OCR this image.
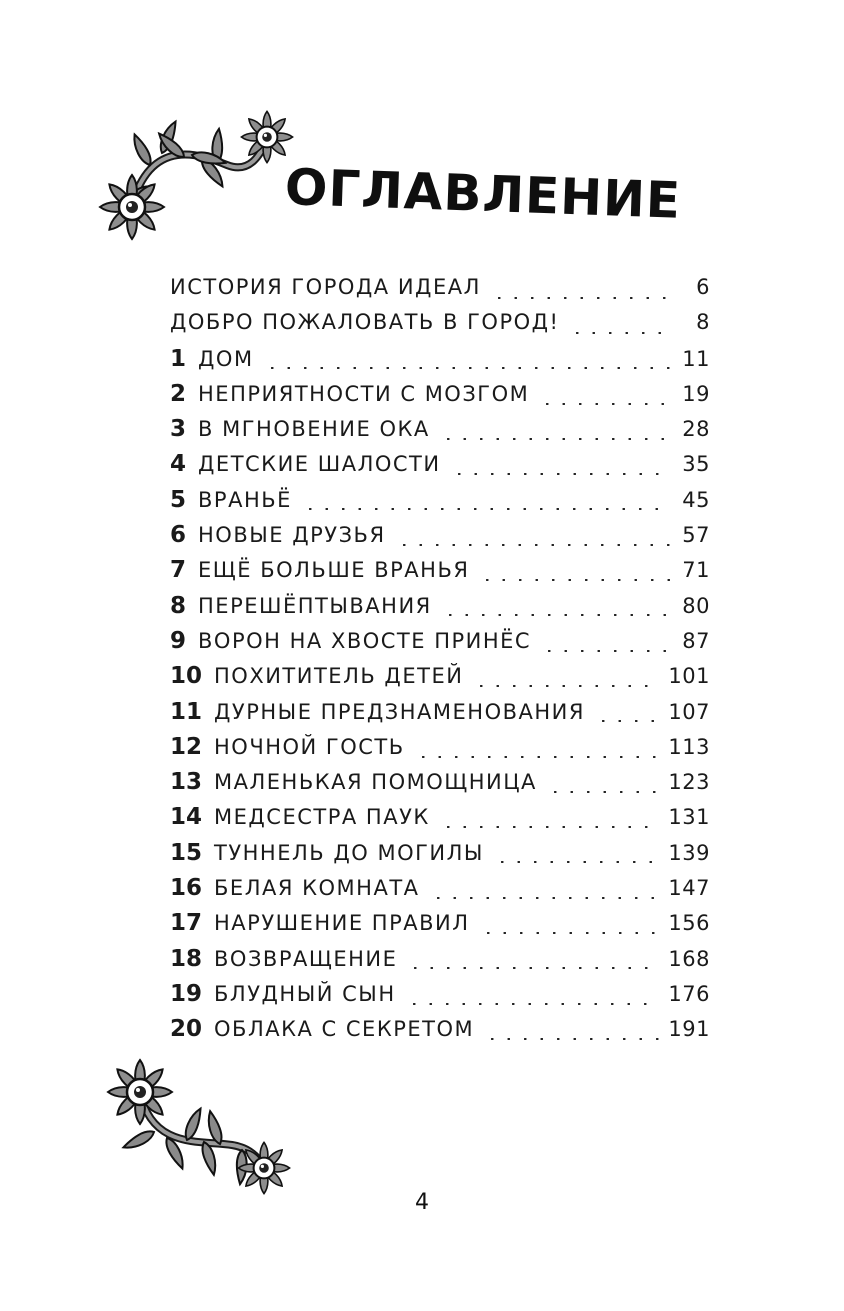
ОГЛАВЛЕНИЕ
ИСТОРИЯ ГОРОДА ИДЕАЛ	6
ДОБРО ПОЖАЛОВАТЬ В ГОРОД!	8
1 ДОМ	11
2 НЕПРИЯТНОСТИ С МОЗГОМ	19
3 В МГНОВЕНИЕ ОКА	28
4 ДЕТСКИЕ ШАЛОСТИ	35
5 ВРАНЬЁ	45
6 НОВЫЕ ДРУЗЬЯ	57
7 ЕЩЁ БОЛЬШЕ ВРАНЬЯ	71
8 ПЕРЕШЁПТЫВАНИЯ	80
9 ВОРОН НА ХВОСТЕ ПРИНЁС	87
10 ПОХИТИТЕЛЬ ДЕТЕЙ	101
11 ДУРНЫЕ ПРЕДЗНАМЕНОВАНИЯ	107
12 НОЧНОЙ ГОСТЬ	113
13 МАЛЕНЬКАЯ ПОМОЩНИЦА	123
14 МЕДСЕСТРА ПАУК	131
15 ТУННЕЛЬ ДО МОГИЛЫ	139
16 БЕЛАЯ КОМНАТА	147
17 НАРУШЕНИЕ ПРАВИЛ	156
18 ВОЗВРАЩЕНИЕ	168
19 БЛУДНЫЙ СЫН	176
20 ОБЛАКА С СЕКРЕТОМ	191
4
